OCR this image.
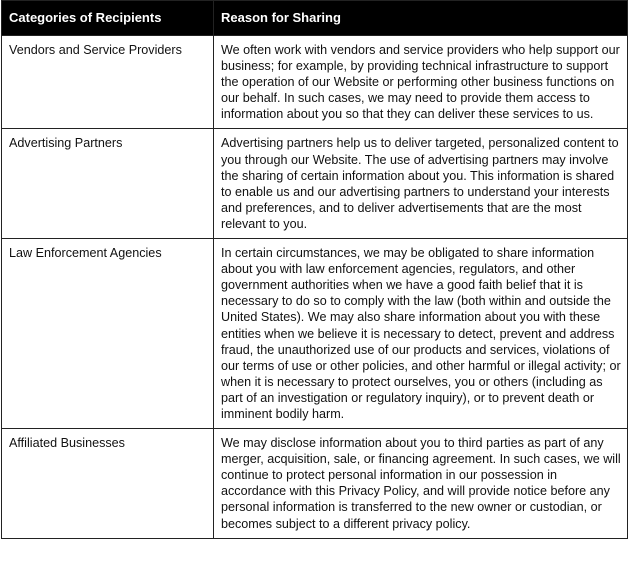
Categories of Recipients	Reason for Sharing
Vendors and Service Providers	We often work with vendors and service providers who help support our business; for example, by providing technical infrastructure to support the operation of our Website or performing other business functions on our behalf. In such cases, we may need to provide them access to information about you so that they can deliver these services to us.
Advertising Partners	Advertising partners help us to deliver targeted, personalized content to you through our Website. The use of advertising partners may involve the sharing of certain information about you. This information is shared to enable us and our advertising partners to understand your interests and preferences, and to deliver advertisements that are the most relevant to you.
Law Enforcement Agencies	In certain circumstances, we may be obligated to share information about you with law enforcement agencies, regulators, and other government authorities when we have a good faith belief that it is necessary to do so to comply with the law (both within and outside the United States). We may also share information about you with these entities when we believe it is necessary to detect, prevent and address fraud, the unauthorized use of our products and services, violations of our terms of use or other policies, and other harmful or illegal activity; or when it is necessary to protect ourselves, you or others (including as part of an investigation or regulatory inquiry), or to prevent death or imminent bodily harm.
Affiliated Businesses	We may disclose information about you to third parties as part of any merger, acquisition, sale, or financing agreement. In such cases, we will continue to protect personal information in our possession in accordance with this Privacy Policy, and will provide notice before any personal information is transferred to the new owner or custodian, or becomes subject to a different privacy policy.
